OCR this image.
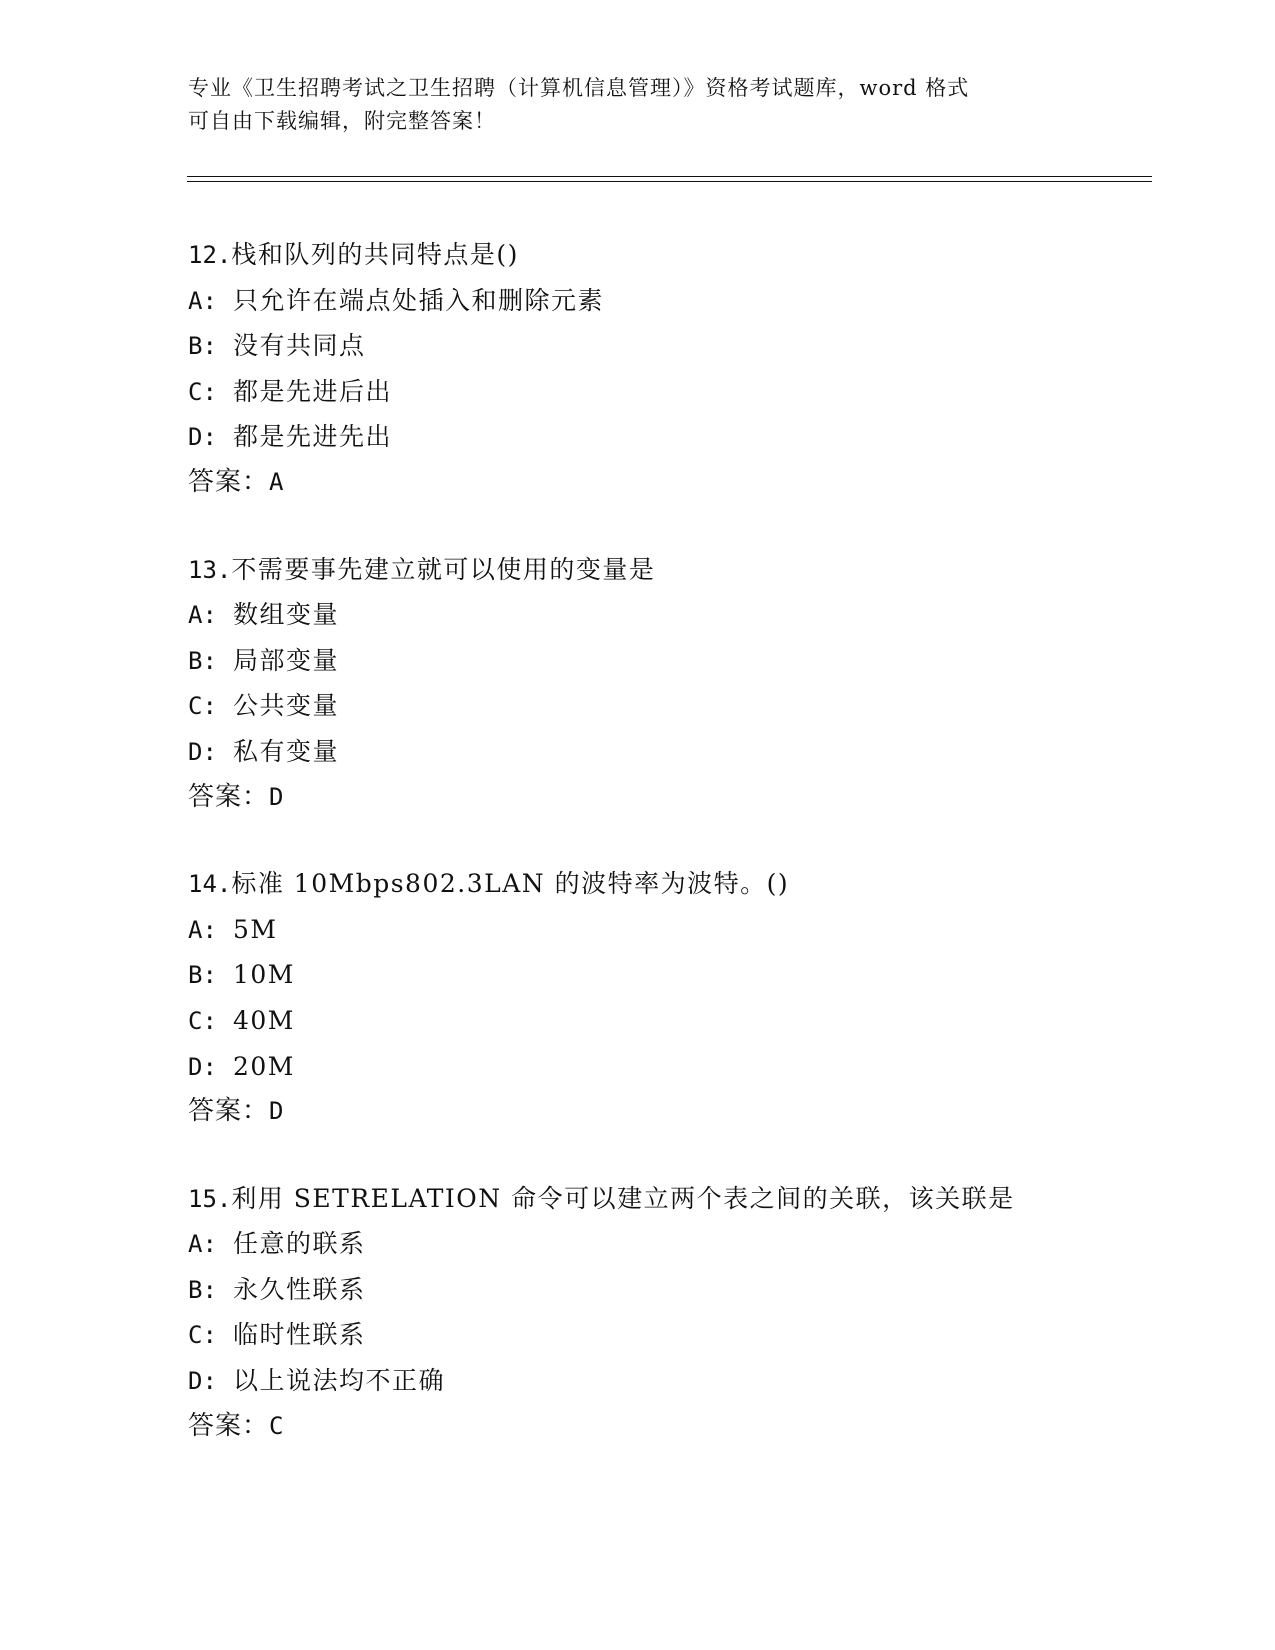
专业《卫生招聘考试之卫生招聘（计算机信息管理）》资格考试题库，word 格式
可自由下载编辑，附完整答案！
12.栈和队列的共同特点是()
A: 只允许在端点处插入和删除元素
B: 没有共同点
C: 都是先进后出
D: 都是先进先出
答案：A
13.不需要事先建立就可以使用的变量是
A: 数组变量
B: 局部变量
C: 公共变量
D: 私有变量
答案：D
14.标准 10Mbps802.3LAN 的波特率为波特。()
A: 5M
B: 10M
C: 40M
D: 20M
答案：D
15.利用 SETRELATION 命令可以建立两个表之间的关联，该关联是
A: 任意的联系
B: 永久性联系
C: 临时性联系
D: 以上说法均不正确
答案：C
